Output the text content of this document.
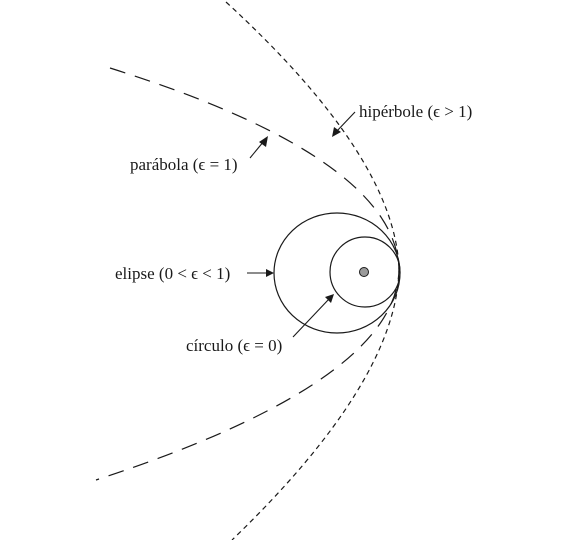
hipérbole (ϵ > 1)
parábola (ϵ = 1)
elipse (0 < ϵ < 1)
círculo (ϵ = 0)
